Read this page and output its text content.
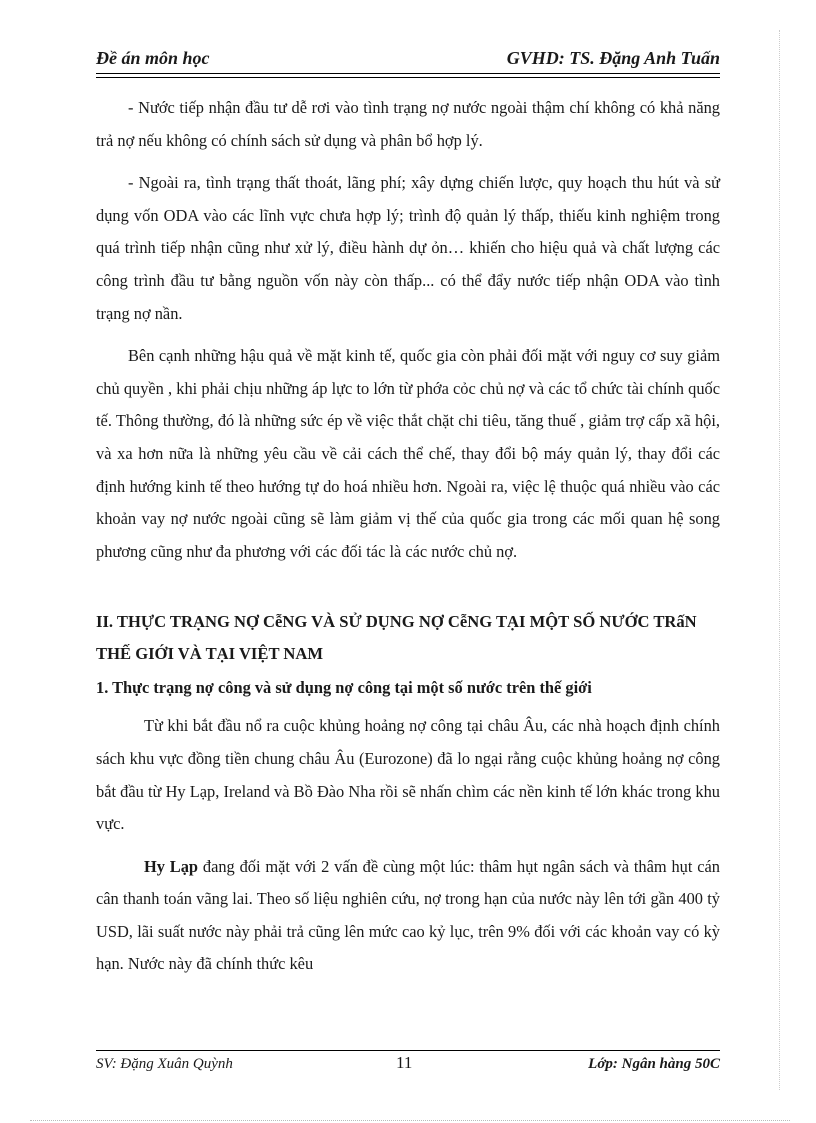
Đề án môn học	GVHD: TS. Đặng Anh Tuấn

- Nước tiếp nhận đầu tư dễ rơi vào tình trạng nợ nước ngoài thậm chí không có khả năng trả nợ nếu không có chính sách sử dụng và phân bổ hợp lý.

- Ngoài ra, tình trạng thất thoát, lãng phí; xây dựng chiến lược, quy hoạch thu hút và sử dụng vốn ODA vào các lĩnh vực chưa hợp lý; trình độ quản lý thấp, thiếu kinh nghiệm trong quá trình tiếp nhận cũng như xử lý, điều hành dự ỏn… khiến cho hiệu quả và chất lượng các công trình đầu tư bằng nguồn vốn này còn thấp... có thể đẩy nước tiếp nhận ODA vào tình trạng nợ nần.

Bên cạnh những hậu quả về mặt kinh tế, quốc gia còn phải đối mặt với nguy cơ suy giảm chủ quyền , khi phải chịu những áp lực to lớn từ phớa cỏc chủ nợ và các tổ chức tài chính quốc tế. Thông thường, đó là những sức ép về việc thắt chặt chi tiêu, tăng thuế , giảm trợ cấp xã hội, và xa hơn nữa là những yêu cầu về cải cách thể chế, thay đổi bộ máy quản lý, thay đổi các định hướng kinh tế theo hướng tự do hoá nhiều hơn. Ngoài ra, việc lệ thuộc quá nhiều vào các khoản vay nợ nước ngoài cũng sẽ làm giảm vị thế của quốc gia trong các mối quan hệ song phương cũng như đa phương với các đối tác là các nước chủ nợ.

II. THỰC TRẠNG NỢ CễNG VÀ SỬ DỤNG NỢ CễNG TẠI MỘT SỐ NƯỚC TRấN THẾ GIỚI VÀ TẠI VIỆT NAM

1. Thực trạng nợ công và sử dụng nợ công tại một số nước trên thế giới

Từ khi bắt đầu nổ ra cuộc khủng hoảng nợ công tại châu Âu, các nhà hoạch định chính sách khu vực đồng tiền chung châu Âu (Eurozone) đã lo ngại rằng cuộc khủng hoảng nợ công bắt đầu từ Hy Lạp, Ireland và Bồ Đào Nha rồi sẽ nhấn chìm các nền kinh tế lớn khác trong khu vực.

Hy Lạp đang đối mặt với 2 vấn đề cùng một lúc: thâm hụt ngân sách và thâm hụt cán cân thanh toán vãng lai. Theo số liệu nghiên cứu, nợ trong hạn của nước này lên tới gần 400 tỷ USD, lãi suất nước này phải trả cũng lên mức cao kỷ lục, trên 9% đối với các khoản vay có kỳ hạn. Nước này đã chính thức kêu

SV: Đặng Xuân Quỳnh	11	Lớp: Ngân hàng 50C
